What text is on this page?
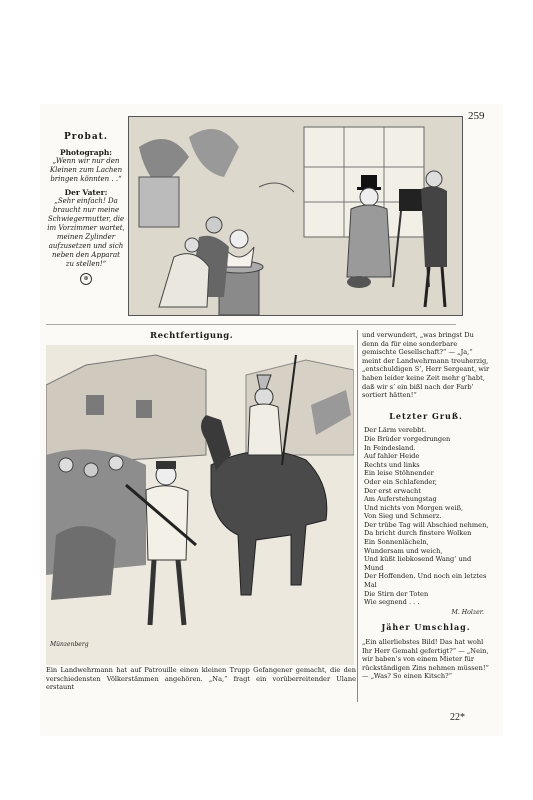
259
Probat.
Photograph:
„Wenn wir nur den Kleinen zum Lachen bringen könnten . .“
Der Vater:
„Sehr einfach! Da braucht nur meine Schwiegermutter, die im Vorzimmer wartet, meinen Zylinder aufzusetzen und sich neben den Apparat zu stellen!“
⊛
Rechtfertigung.
Münzenberg

Ein Landwehrmann hat auf Patrouille einen kleinen Trupp Gefangener gemacht, die den verschiedensten Völkerstämmen angehören. „Na,“ fragt ein vorüberreitender Ulane erstaunt

und verwundert, „was bringst Du denn da für eine sonderbare gemischte Gesellschaft?“ — „Ja,“ meint der Landwehrmann treuherzig, „entschuldigen S’, Herr Sergeant, wir haben leider keine Zeit mehr g’habt, daß wir s’ ein bißl nach der Farb’ sortiert hätten!“

Letzter Gruß.

Der Lärm verebbt.

Die Brüder vorgedrungen

In Feindesland.

Auf fahler Heide

Rechts und links

Ein leise Stöhnender

Oder ein Schlafender,

Der erst erwacht

Am Auferstehungstag

Und nichts von Morgen weiß,

Von Sieg und Schmerz.

Der trübe Tag will Abschied nehmen,

Da bricht durch finstere Wolken

Ein Sonnenlächeln,

Wundersam und weich,

Und küßt liebkosend Wang’ und Mund

Der Hoffenden. Und noch ein letztes Mal

Die Stirn der Toten

Wie segnend . . .

M. Holzer.
Jäher Umschlag.

„Ein allerliebstes Bild! Das hat wohl Ihr Herr Gemahl gefertigt?“ — „Nein, wir haben’s von einem Mieter für rückständigen Zins nehmen müssen!“ — „Was? So einen Kitsch?“

22*
